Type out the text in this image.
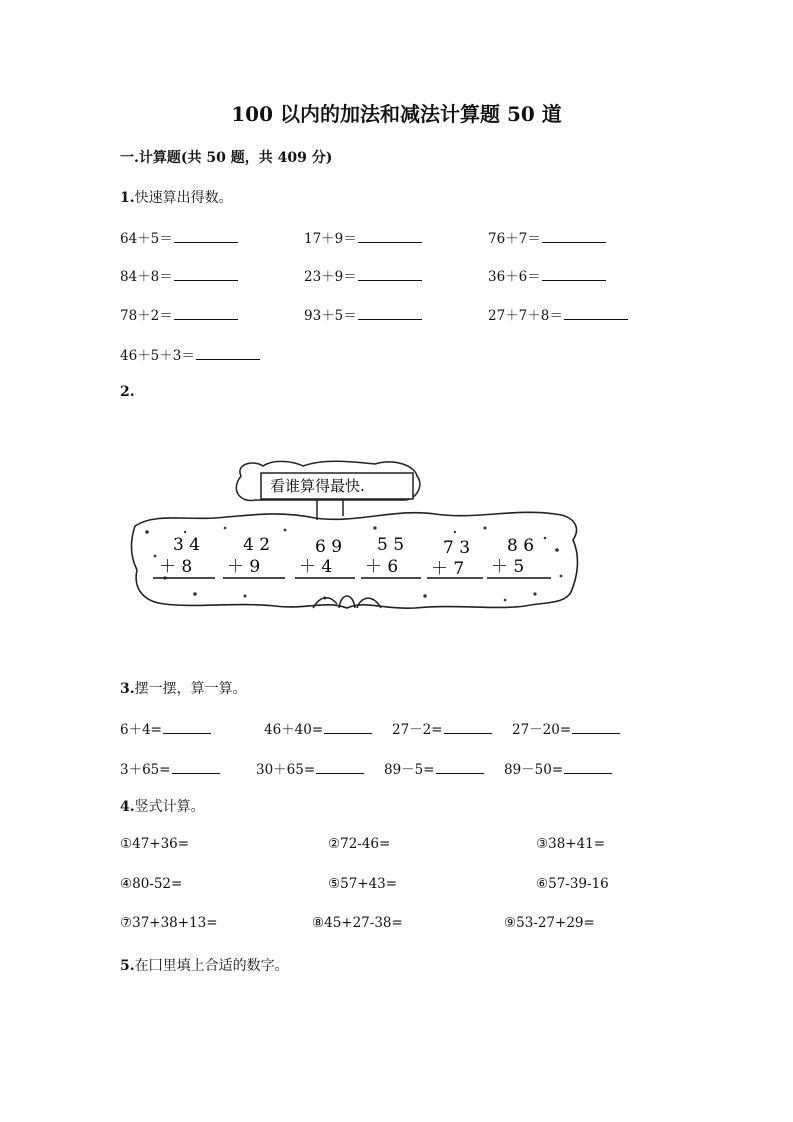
100 以内的加法和减法计算题 50 道
一.计算题(共 50 题，共 409 分)
1.快速算出得数。
64＋5＝	17＋9＝	76＋7＝
84＋8＝	23＋9＝	36＋6＝
78＋2＝	93＋5＝	27＋7＋8＝
46＋5＋3＝
2.
看谁算得最快.
3 4
＋ 8
4 2
＋ 9
6 9
＋ 4
5 5
＋ 6
7 3
＋ 7
8 6
＋ 5
3.摆一摆，算一算。
6＋4=	46＋40=	27－2=	27－20=
3＋65=	30＋65=	89－5=	89－50=
4.竖式计算。
①47+36=	②72-46=	③38+41=
④80-52=	⑤57+43=	⑥57-39-16
⑦37+38+13=	⑧45+27-38=	⑨53-27+29=
5.在囗里填上合适的数字。
